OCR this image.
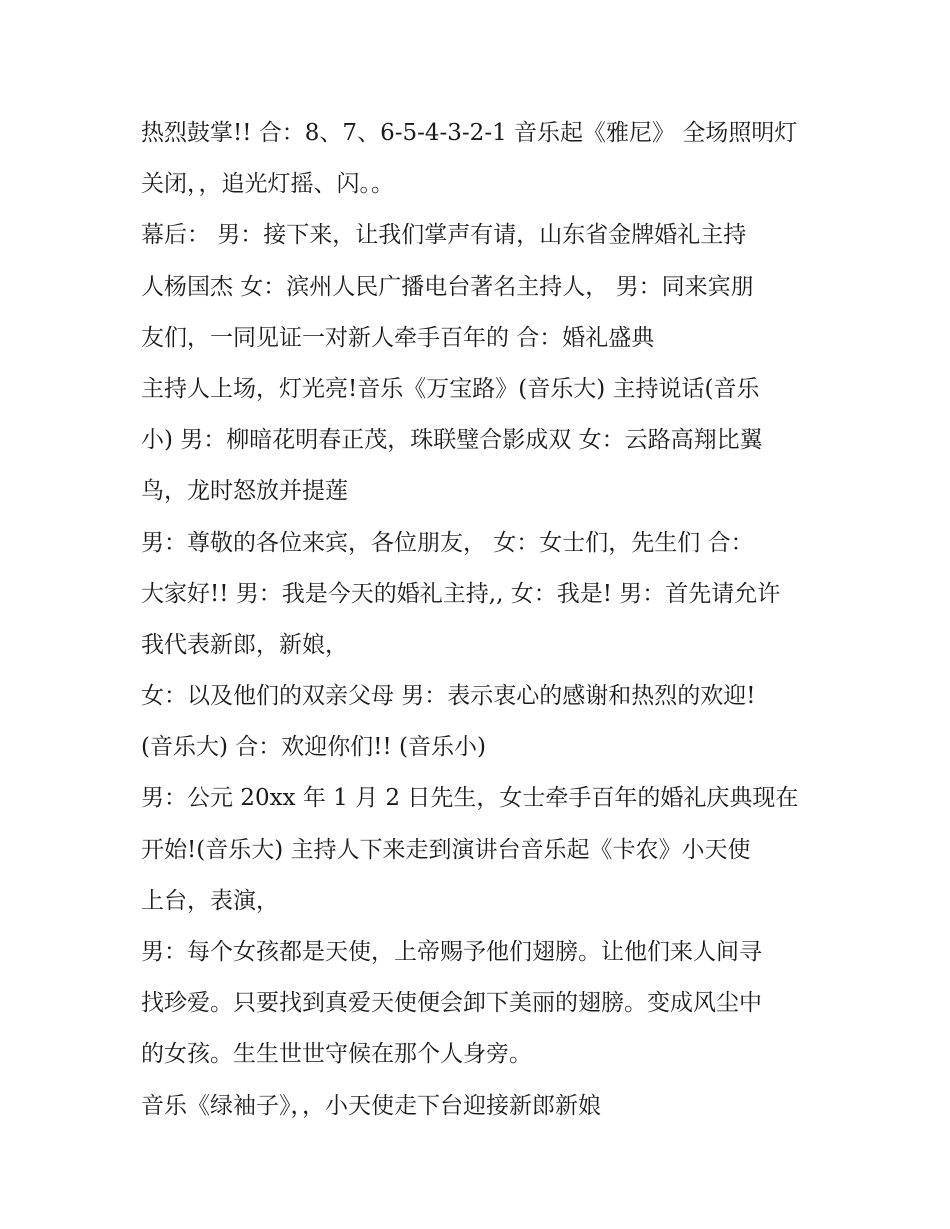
热烈鼓掌!! 合：8、7、6-5-4-3-2-1 音乐起《雅尼》 全场照明灯
关闭，，追光灯摇、闪。。

幕后： 男：接下来，让我们掌声有请，山东省金牌婚礼主持
人杨国杰 女：滨州人民广播电台著名主持人， 男：同来宾朋
友们，一同见证一对新人牵手百年的 合：婚礼盛典

主持人上场，灯光亮!音乐《万宝路》(音乐大) 主持说话(音乐
小) 男：柳暗花明春正茂，珠联璧合影成双 女：云路高翔比翼
鸟，龙时怒放并提莲

男：尊敬的各位来宾，各位朋友， 女：女士们，先生们 合：
大家好!! 男：我是今天的婚礼主持,, 女：我是! 男：首先请允许
我代表新郎，新娘，

女：以及他们的双亲父母 男：表示衷心的感谢和热烈的欢迎!
(音乐大) 合：欢迎你们!! (音乐小)

男：公元 20xx 年 1 月 2 日先生，女士牵手百年的婚礼庆典现在
开始!(音乐大) 主持人下来走到演讲台音乐起《卡农》小天使
上台，表演，

男：每个女孩都是天使，上帝赐予他们翅膀。让他们来人间寻
找珍爱。只要找到真爱天使便会卸下美丽的翅膀。变成风尘中
的女孩。生生世世守候在那个人身旁。

音乐《绿袖子》，，小天使走下台迎接新郎新娘
